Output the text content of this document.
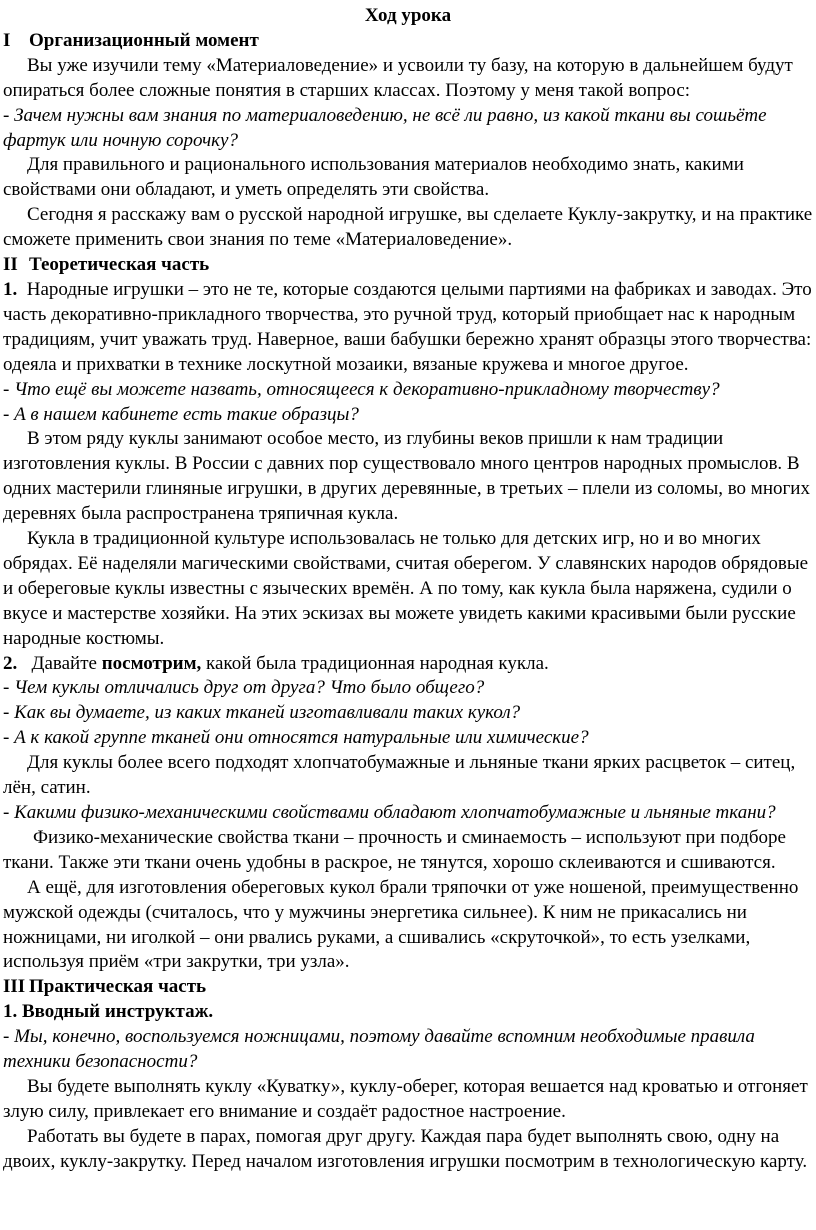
Ход урока

I Организационный момент

Вы уже изучили тему «Материаловедение» и усвоили ту базу, на которую в дальнейшем будут опираться более сложные понятия в старших классах. Поэтому у меня такой вопрос:

- Зачем нужны вам знания по материаловедению, не всё ли равно, из какой ткани вы сошьёте фартук или ночную сорочку?

Для правильного и рационального использования материалов необходимо знать, какими свойствами они обладают, и уметь определять эти свойства.

Сегодня я расскажу вам о русской народной игрушке, вы сделаете Куклу-закрутку, и на практике сможете применить свои знания по теме «Материаловедение».

II Теоретическая часть

1. Народные игрушки – это не те, которые создаются целыми партиями на фабриках и заводах. Это часть декоративно-прикладного творчества, это ручной труд, который приобщает нас к народным традициям, учит уважать труд. Наверное, ваши бабушки бережно хранят образцы этого творчества: одеяла и прихватки в технике лоскутной мозаики, вязаные кружева и многое другое.

- Что ещё вы можете назвать, относящееся к декоративно-прикладному творчеству?

- А в нашем кабинете есть такие образцы?

В этом ряду куклы занимают особое место, из глубины веков пришли к нам традиции изготовления куклы. В России с давних пор существовало много центров народных промыслов. В одних мастерили глиняные игрушки, в других деревянные, в третьих – плели из соломы, во многих деревнях была распространена тряпичная кукла.

Кукла в традиционной культуре использовалась не только для детских игр, но и во многих обрядах. Её наделяли магическими свойствами, считая оберегом. У славянских народов обрядовые и обереговые куклы известны с языческих времён. А по тому, как кукла была наряжена, судили о вкусе и мастерстве хозяйки. На этих эскизах вы можете увидеть какими красивыми были русские народные костюмы.

2. Давайте посмотрим, какой была традиционная народная кукла.

- Чем куклы отличались друг от друга? Что было общего?

- Как вы думаете, из каких тканей изготавливали таких кукол?

- А к какой группе тканей они относятся натуральные или химические?

Для куклы более всего подходят хлопчатобумажные и льняные ткани ярких расцветок – ситец, лён, сатин.

- Какими физико-механическими свойствами обладают хлопчатобумажные и льняные ткани?

Физико-механические свойства ткани – прочность и сминаемость – используют при подборе ткани. Также эти ткани очень удобны в раскрое, не тянутся, хорошо склеиваются и сшиваются.

А ещё, для изготовления обереговых кукол брали тряпочки от уже ношеной, преимущественно мужской одежды (считалось, что у мужчины энергетика сильнее). К ним не прикасались ни ножницами, ни иголкой – они рвались руками, а сшивались «скруточкой», то есть узелками, используя приём «три закрутки, три узла».

III Практическая часть

1. Вводный инструктаж.

- Мы, конечно, воспользуемся ножницами, поэтому давайте вспомним необходимые правила техники безопасности?

Вы будете выполнять куклу «Куватку», куклу-оберег, которая вешается над кроватью и отгоняет злую силу, привлекает его внимание и создаёт радостное настроение.

Работать вы будете в парах, помогая друг другу. Каждая пара будет выполнять свою, одну на двоих, куклу-закрутку. Перед началом изготовления игрушки посмотрим в технологическую карту.
